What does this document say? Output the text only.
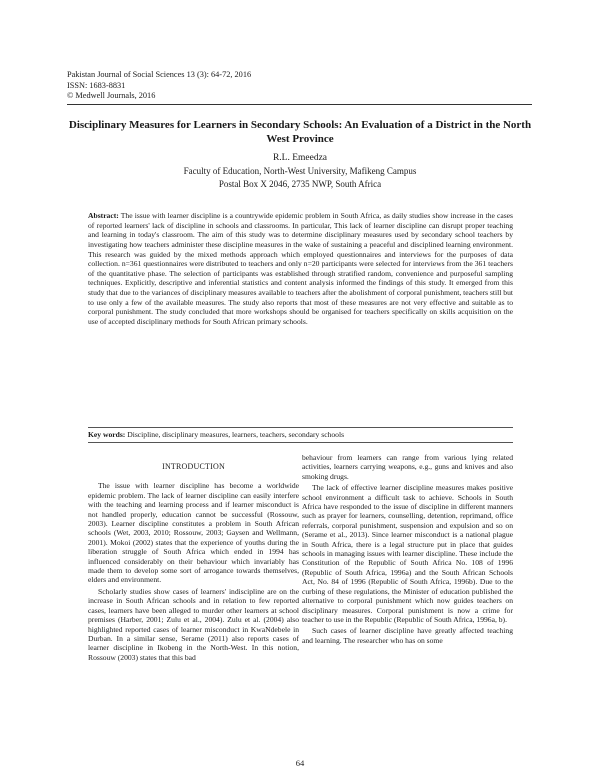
Pakistan Journal of Social Sciences 13 (3): 64-72, 2016
ISSN: 1683-8831
© Medwell Journals, 2016
Disciplinary Measures for Learners in Secondary Schools: An Evaluation of a District in the North West Province
R.L. Emeedza
Faculty of Education, North-West University, Mafikeng Campus
Postal Box X 2046, 2735 NWP, South Africa
Abstract: The issue with learner discipline is a countrywide epidemic problem in South Africa, as daily studies show increase in the cases of reported learners' lack of discipline in schools and classrooms. In particular, This lack of learner discipline can disrupt proper teaching and learning in today's classroom. The aim of this study was to determine disciplinary measures used by secondary school teachers by investigating how teachers administer these discipline measures in the wake of sustaining a peaceful and disciplined learning environment. This research was guided by the mixed methods approach which employed questionnaires and interviews for the purposes of data collection. n=361 questionnaires were distributed to teachers and only n=20 participants were selected for interviews from the 361 teachers of the quantitative phase. The selection of participants was established through stratified random, convenience and purposeful sampling techniques. Explicitly, descriptive and inferential statistics and content analysis informed the findings of this study. It emerged from this study that due to the variances of disciplinary measures available to teachers after the abolishment of corporal punishment, teachers still but to use only a few of the available measures. The study also reports that most of these measures are not very effective and suitable as to corporal punishment. The study concluded that more workshops should be organised for teachers specifically on skills acquisition on the use of accepted disciplinary methods for South African primary schools.
Key words: Discipline, disciplinary measures, learners, teachers, secondary schools

INTRODUCTION

The issue with learner discipline has become a worldwide epidemic problem. The lack of learner discipline can easily interfere with the teaching and learning process and if learner misconduct is not handled properly, education cannot be successful (Rossouw, 2003). Learner discipline constitutes a problem in South African schools (Wet, 2003, 2010; Rossouw, 2003; Gaysen and Wellmann, 2001). Mokoi (2002) states that the experience of youths during the liberation struggle of South Africa which ended in 1994 has influenced considerably on their behaviour which invariably has made them to develop some sort of arrogance towards themselves, elders and environment.

Scholarly studies show cases of learners' indiscipline are on the increase in South African schools and in relation to few reported cases, learners have been alleged to murder other learners at school premises (Harber, 2001; Zulu et al., 2004). Zulu et al. (2004) also highlighted reported cases of learner misconduct in KwaNdebele in Durban. In a similar sense, Serame (2011) also reports cases of learner discipline in Ikobeng in the North-West. In this notion, Rossouw (2003) states that this bad

behaviour from learners can range from various lying related activities, learners carrying weapons, e.g., guns and knives and also smoking drugs.

The lack of effective learner discipline measures makes positive school environment a difficult task to achieve. Schools in South Africa have responded to the issue of discipline in different manners such as prayer for learners, counselling, detention, reprimand, office referrals, corporal punishment, suspension and expulsion and so on (Serame et al., 2013). Since learner misconduct is a national plague in South Africa, there is a legal structure put in place that guides schools in managing issues with learner discipline. These include the Constitution of the Republic of South Africa No. 108 of 1996 (Republic of South Africa, 1996a) and the South African Schools Act, No. 84 of 1996 (Republic of South Africa, 1996b). Due to the curbing of these regulations, the Minister of education published the alternative to corporal punishment which now guides teachers on disciplinary measures. Corporal punishment is now a crime for teacher to use in the Republic (Republic of South Africa, 1996a, b).

Such cases of learner discipline have greatly affected teaching and learning. The researcher who has on some

64
